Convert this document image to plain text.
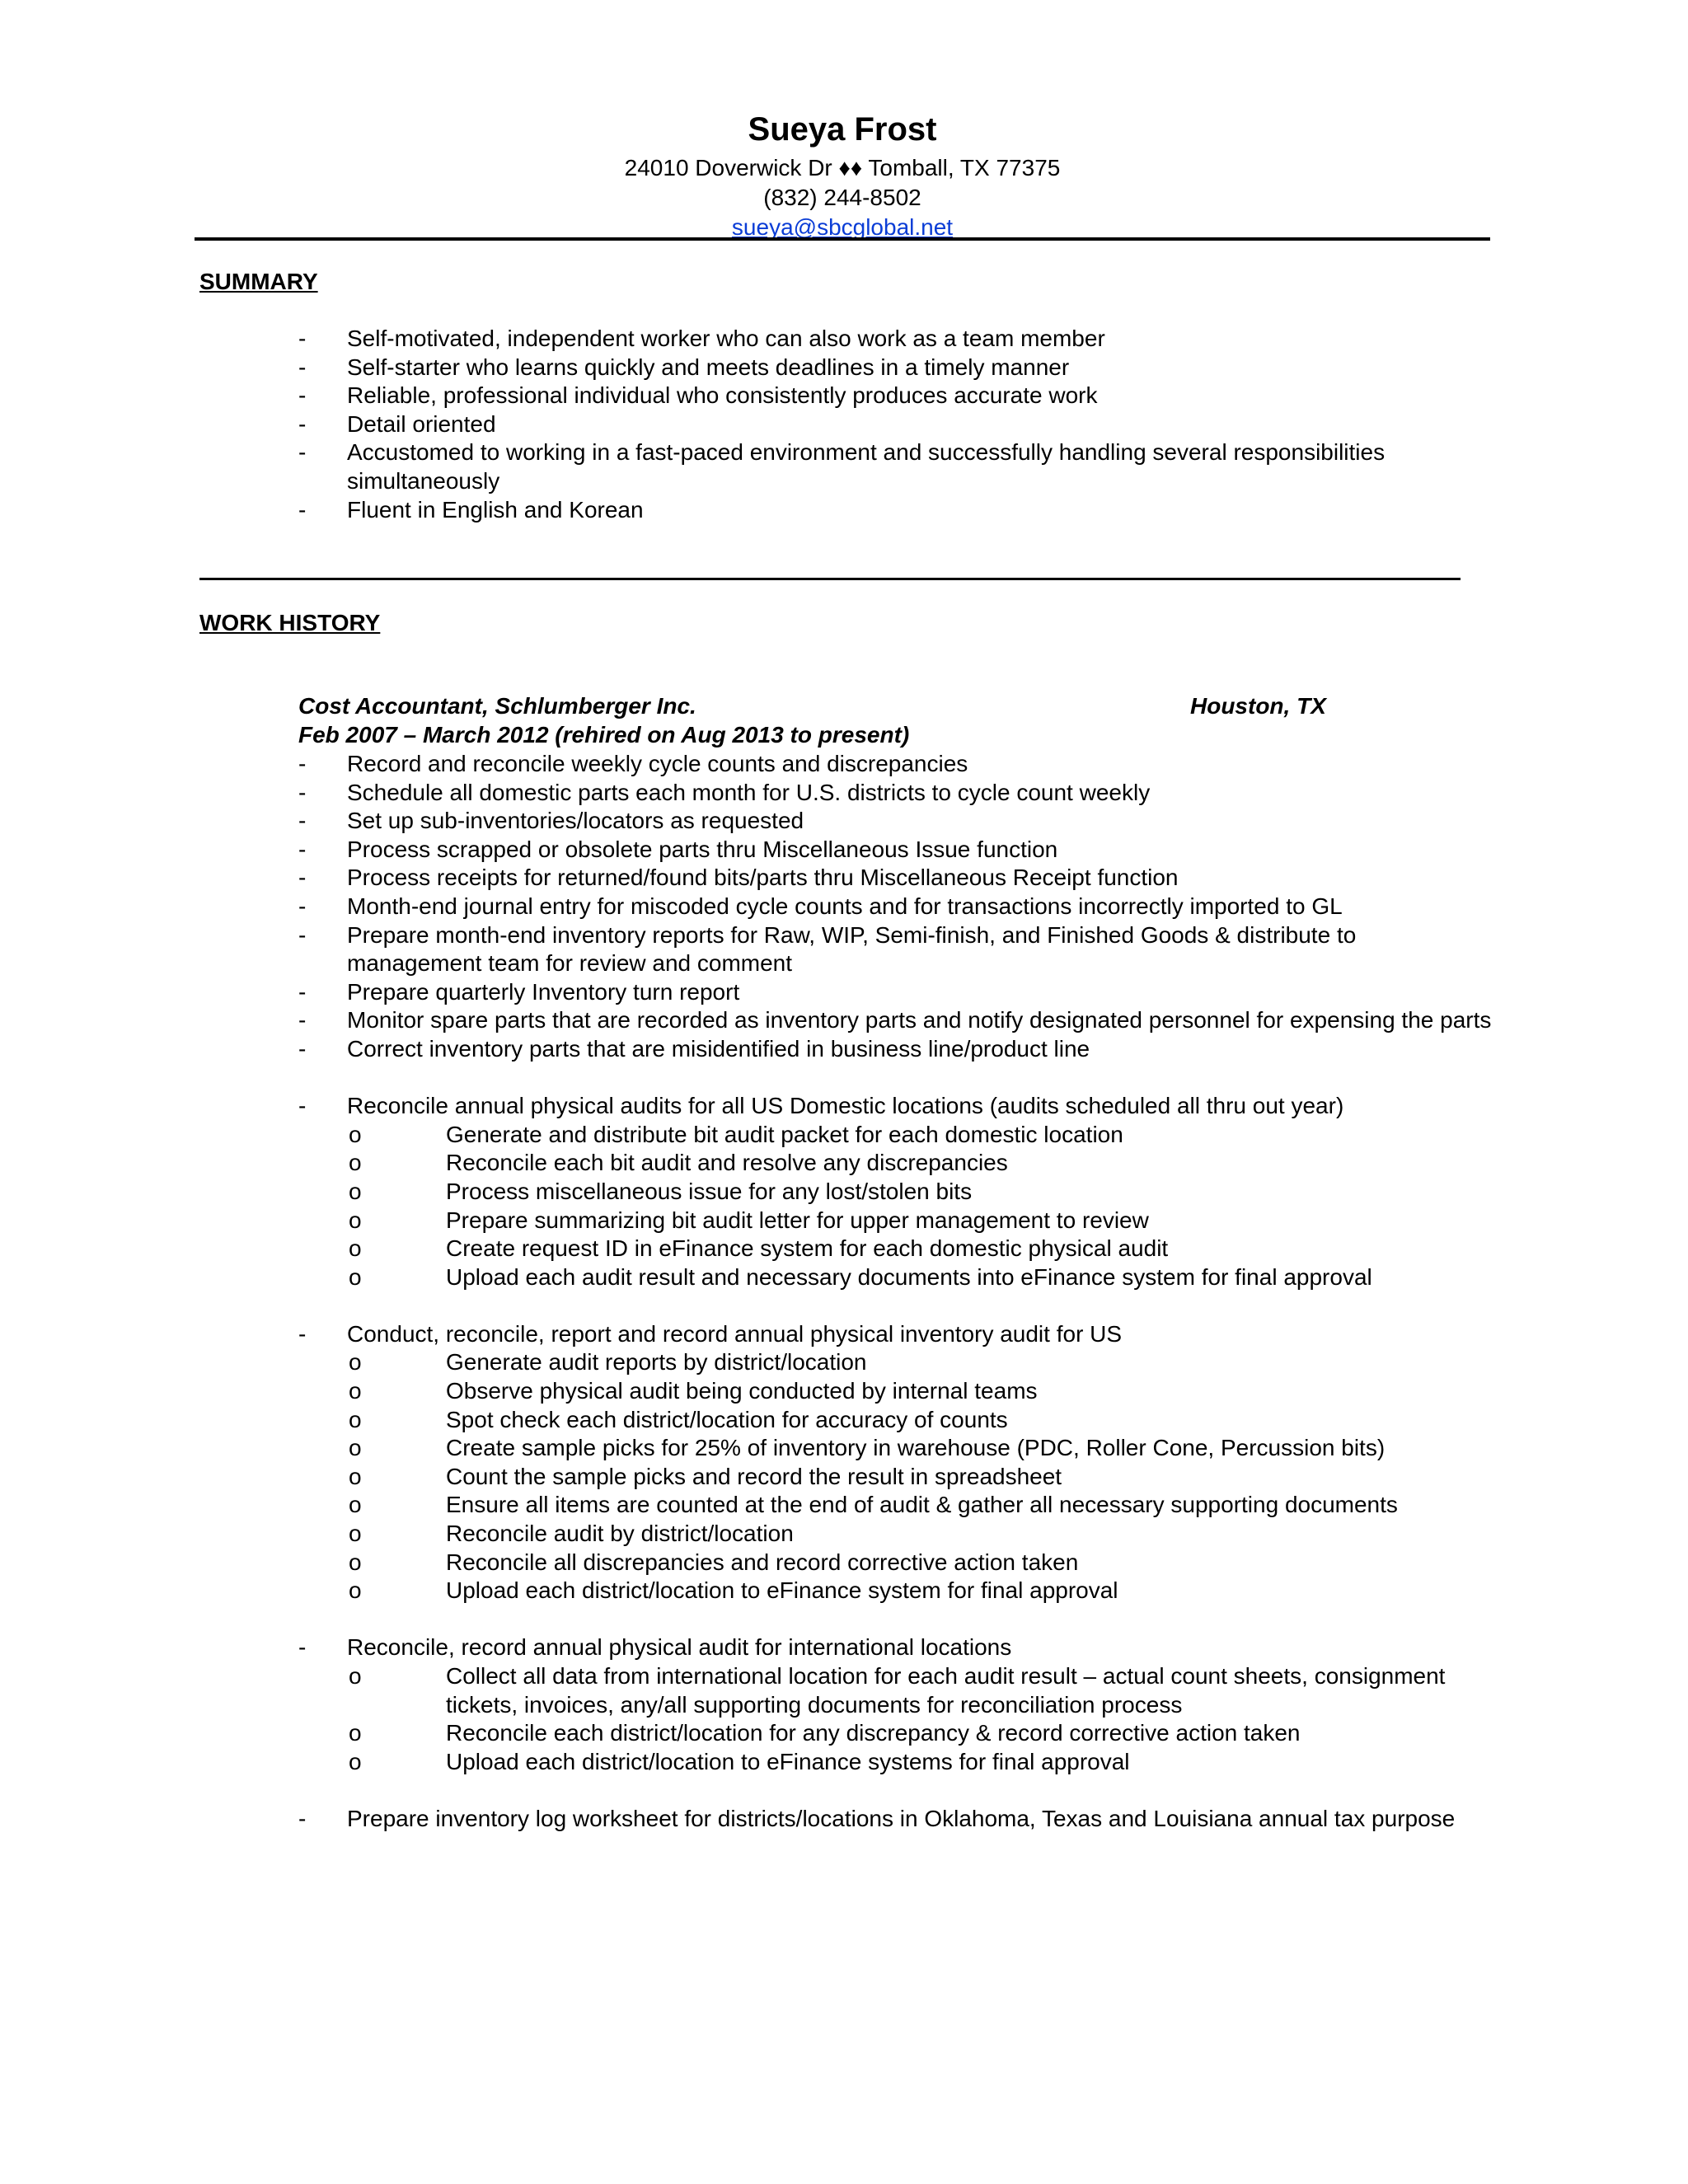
Sueya Frost
24010 Doverwick Dr ♦♦ Tomball, TX 77375
(832) 244-8502
sueya@sbcglobal.net
SUMMARY
- Self-motivated, independent worker who can also work as a team member
- Self-starter who learns quickly and meets deadlines in a timely manner
- Reliable, professional individual who consistently produces accurate work
- Detail oriented
- Accustomed to working in a fast-paced environment and successfully handling several responsibilities simultaneously
- Fluent in English and Korean
WORK HISTORY
Cost Accountant, Schlumberger Inc.	Houston, TX
Feb 2007 – March 2012 (rehired on Aug 2013 to present)
- Record and reconcile weekly cycle counts and discrepancies
- Schedule all domestic parts each month for U.S. districts to cycle count weekly
- Set up sub-inventories/locators as requested
- Process scrapped or obsolete parts thru Miscellaneous Issue function
- Process receipts for returned/found bits/parts thru Miscellaneous Receipt function
- Month-end journal entry for miscoded cycle counts and for transactions incorrectly imported to GL
- Prepare month-end inventory reports for Raw, WIP, Semi-finish, and Finished Goods & distribute to management team for review and comment
- Prepare quarterly Inventory turn report
- Monitor spare parts that are recorded as inventory parts and notify designated personnel for expensing the parts
- Correct inventory parts that are misidentified in business line/product line
- Reconcile annual physical audits for all US Domestic locations (audits scheduled all thru out year)
o	Generate and distribute bit audit packet for each domestic location
o	Reconcile each bit audit and resolve any discrepancies
o	Process miscellaneous issue for any lost/stolen bits
o	Prepare summarizing bit audit letter for upper management to review
o	Create request ID in eFinance system for each domestic physical audit
o	Upload each audit result and necessary documents into eFinance system for final approval
- Conduct, reconcile, report and record annual physical inventory audit for US
o	Generate audit reports by district/location
o	Observe physical audit being conducted by internal teams
o	Spot check each district/location for accuracy of counts
o	Create sample picks for 25% of inventory in warehouse (PDC, Roller Cone, Percussion bits)
o	Count the sample picks and record the result in spreadsheet
o	Ensure all items are counted at the end of audit & gather all necessary supporting documents
o	Reconcile audit by district/location
o	Reconcile all discrepancies and record corrective action taken
o	Upload each district/location to eFinance system for final approval
- Reconcile, record annual physical audit for international locations
o	Collect all data from international location for each audit result – actual count sheets, consignment tickets, invoices, any/all supporting documents for reconciliation process
o	Reconcile each district/location for any discrepancy & record corrective action taken
o	Upload each district/location to eFinance systems for final approval
- Prepare inventory log worksheet for districts/locations in Oklahoma, Texas and Louisiana annual tax purpose
